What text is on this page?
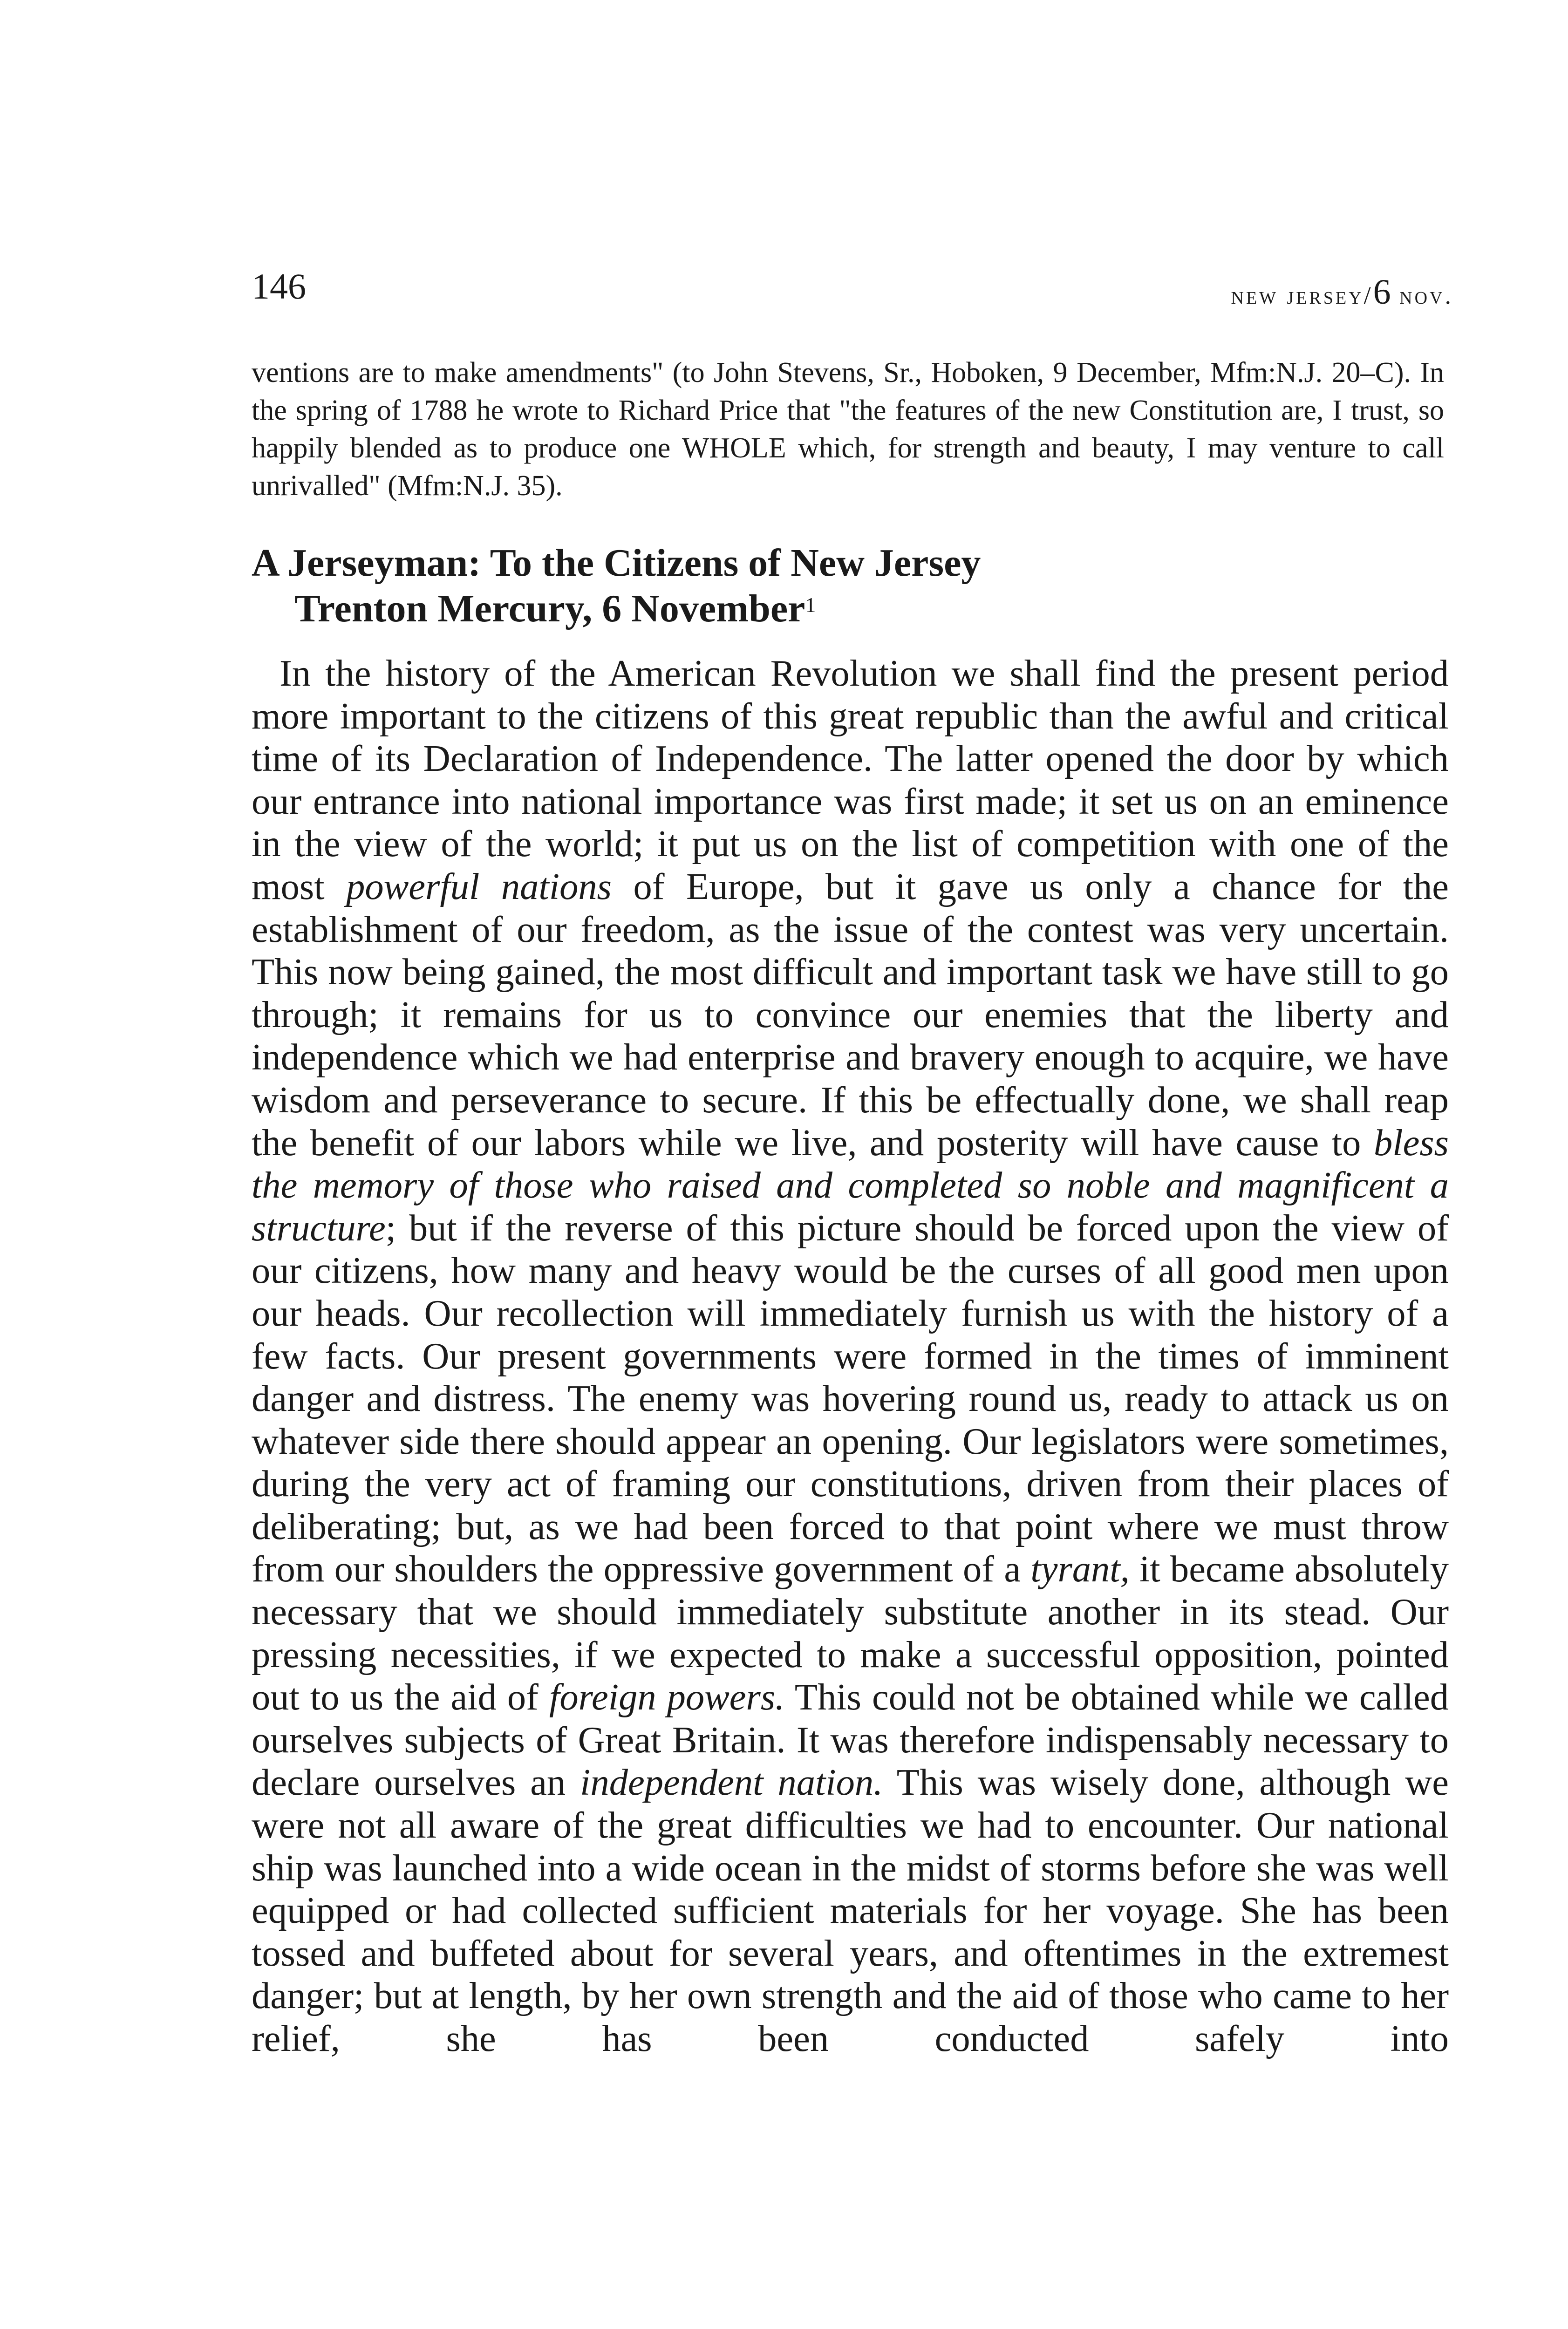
146	new jersey/6 nov.

ventions are to make amendments" (to John Stevens, Sr., Hoboken, 9 December, Mfm:N.J. 20–C). In the spring of 1788 he wrote to Richard Price that "the features of the new Constitution are, I trust, so happily blended as to produce one WHOLE which, for strength and beauty, I may venture to call unrivalled" (Mfm:N.J. 35).

A Jerseyman: To the Citizens of New Jersey
Trenton Mercury, 6 November$^1$

In the history of the American Revolution we shall find the present period more important to the citizens of this great republic than the awful and critical time of its Declaration of Independence. The latter opened the door by which our entrance into national importance was first made; it set us on an eminence in the view of the world; it put us on the list of competition with one of the most powerful nations of Europe, but it gave us only a chance for the establishment of our freedom, as the issue of the contest was very uncertain. This now being gained, the most difficult and important task we have still to go through; it remains for us to convince our enemies that the liberty and independence which we had enterprise and bravery enough to acquire, we have wisdom and perseverance to secure. If this be effectually done, we shall reap the benefit of our labors while we live, and posterity will have cause to bless the memory of those who raised and completed so noble and magnificent a structure; but if the reverse of this picture should be forced upon the view of our citizens, how many and heavy would be the curses of all good men upon our heads. Our recollection will immediately furnish us with the history of a few facts. Our present governments were formed in the times of imminent danger and distress. The enemy was hovering round us, ready to attack us on whatever side there should appear an opening. Our legislators were sometimes, during the very act of framing our constitutions, driven from their places of deliberating; but, as we had been forced to that point where we must throw from our shoulders the oppressive government of a tyrant, it became absolutely necessary that we should immediately substitute another in its stead. Our pressing necessities, if we expected to make a successful opposition, pointed out to us the aid of foreign powers. This could not be obtained while we called ourselves subjects of Great Britain. It was therefore indispensably necessary to declare ourselves an independent nation. This was wisely done, although we were not all aware of the great difficulties we had to encounter. Our national ship was launched into a wide ocean in the midst of storms before she was well equipped or had collected sufficient materials for her voyage. She has been tossed and buffeted about for several years, and oftentimes in the extremest danger; but at length, by her own strength and the aid of those who came to her relief, she has been conducted safely into
